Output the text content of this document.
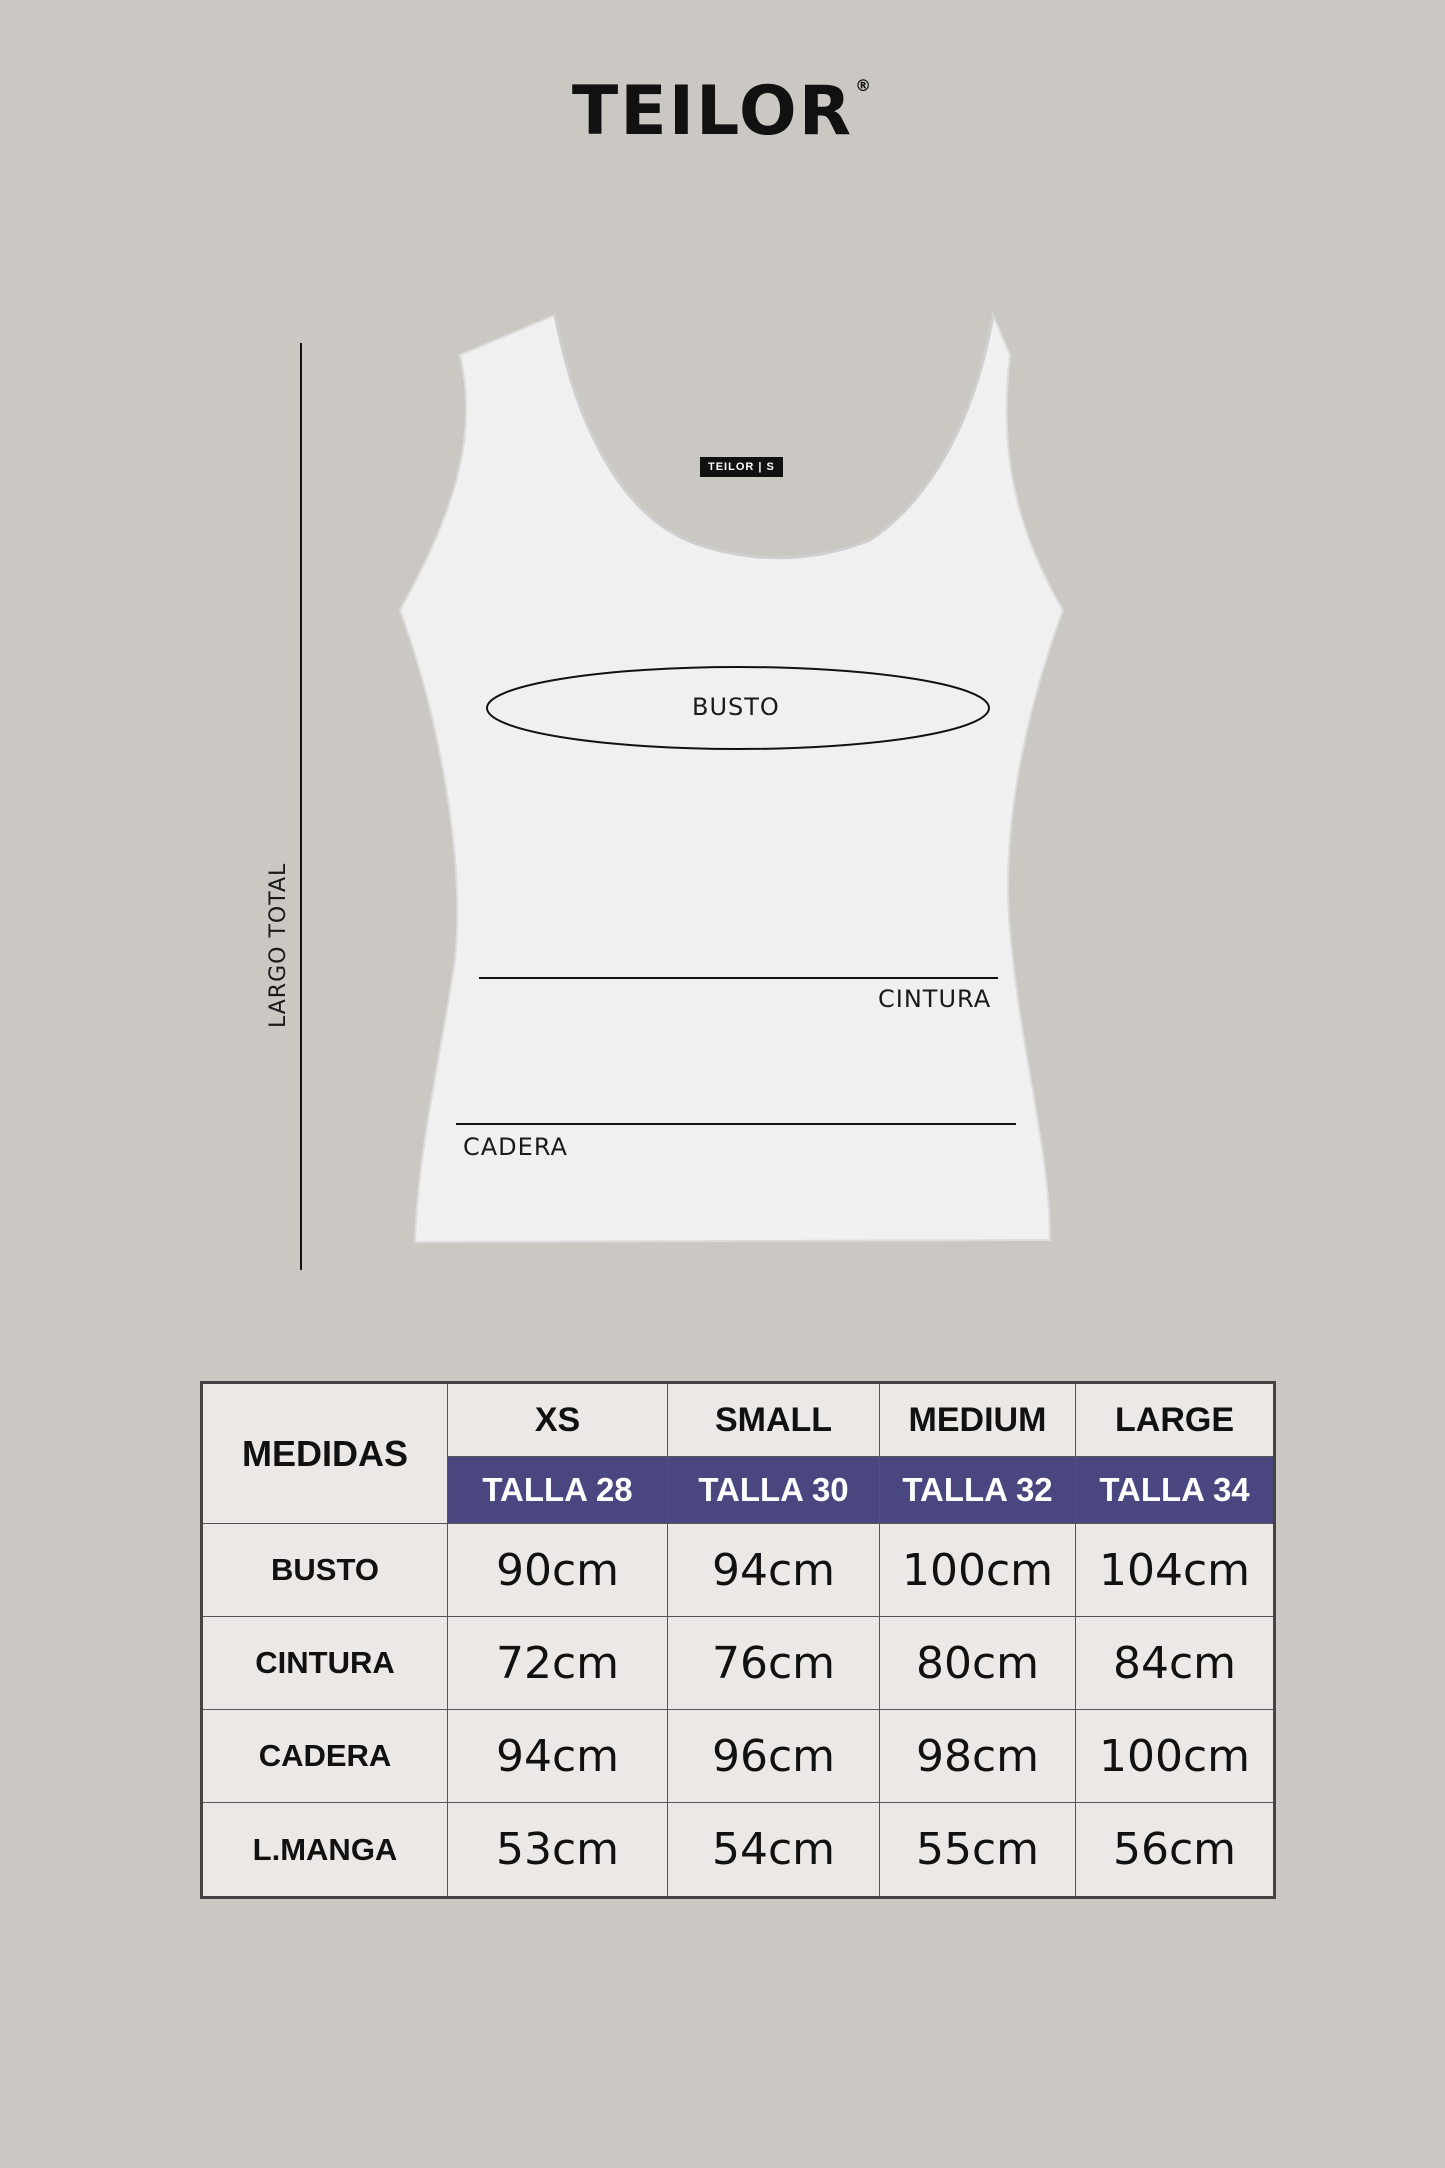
TEILOR ®
TEILOR | S
BUSTO
CINTURA
CADERA
LARGO TOTAL
MEDIDAS	XS	SMALL	MEDIUM	LARGE
	TALLA 28	TALLA 30	TALLA 32	TALLA 34
BUSTO	90cm	94cm	100cm	104cm
CINTURA	72cm	76cm	80cm	84cm
CADERA	94cm	96cm	98cm	100cm
L.MANGA	53cm	54cm	55cm	56cm
